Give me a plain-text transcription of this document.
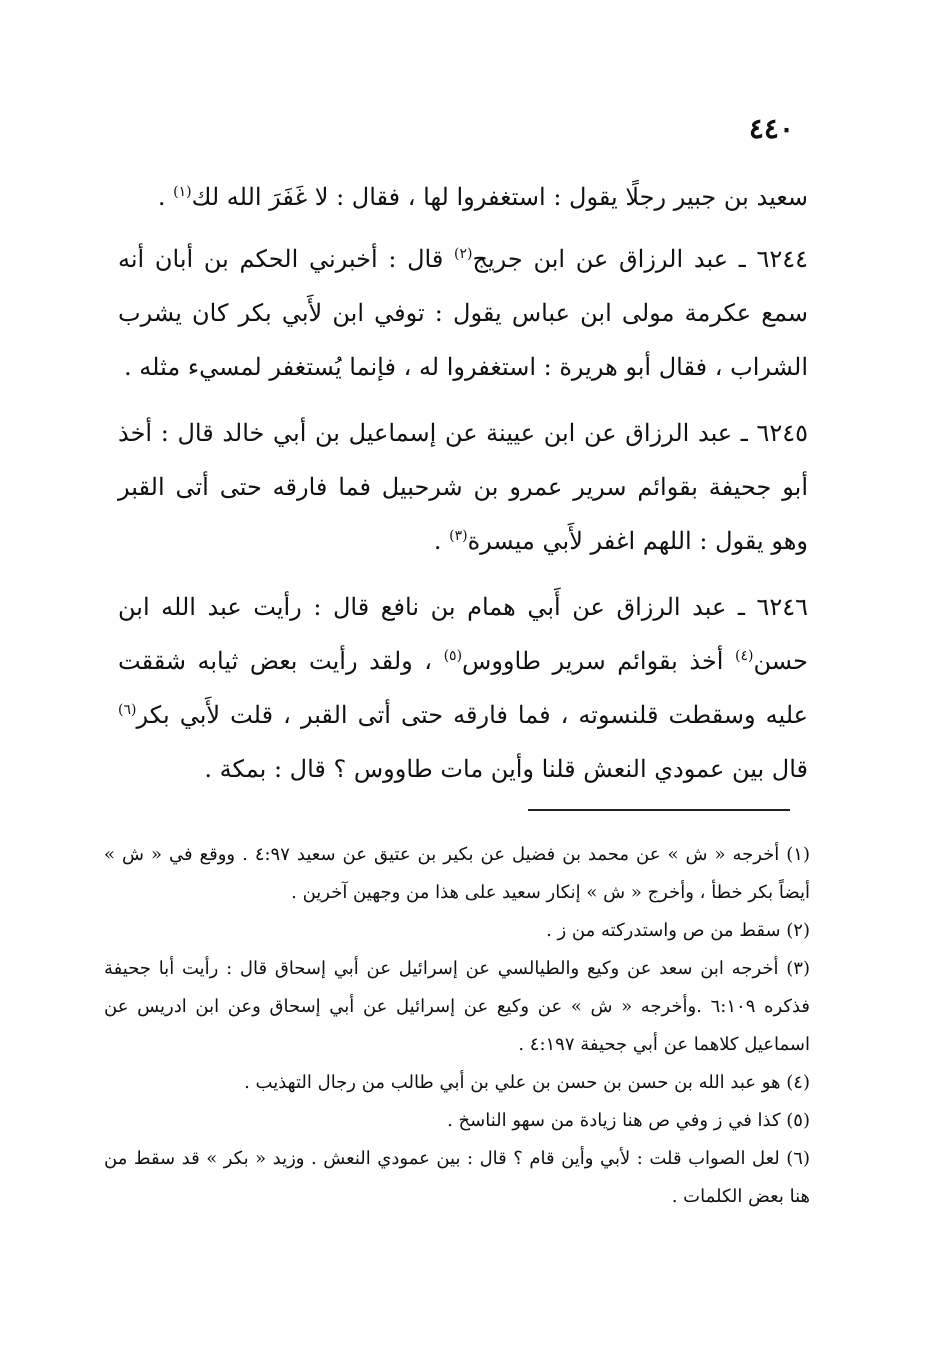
٤٤٠

سعيد بن جبير رجلًا يقول : استغفروا لها ، فقال : لا غَفَرَ الله لك$^{(١)}$ .

٦٢٤٤ ـ عبد الرزاق عن ابن جريج$^{(٢)}$ قال : أخبرني الحكم بن أبان أنه سمع عكرمة مولى ابن عباس يقول : توفي ابن لأَبي بكر كان يشرب الشراب ، فقال أبو هريرة : استغفروا له ، فإنما يُستغفر لمسيء مثله .

٦٢٤٥ ـ عبد الرزاق عن ابن عيينة عن إسماعيل بن أبي خالد قال : أخذ أبو جحيفة بقوائم سرير عمرو بن شرحبيل فما فارقه حتى أتى القبر وهو يقول : اللهم اغفر لأَبي ميسرة$^{(٣)}$ .

٦٢٤٦ ـ عبد الرزاق عن أَبي همام بن نافع قال : رأيت عبد الله ابن حسن$^{(٤)}$ أخذ بقوائم سرير طاووس$^{(٥)}$ ، ولقد رأيت بعض ثيابه شققت عليه وسقطت قلنسوته ، فما فارقه حتى أتى القبر ، قلت لأَبي بكر$^{(٦)}$ قال بين عمودي النعش قلنا وأين مات طاووس ؟ قال : بمكة .

(١) أخرجه « ش » عن محمد بن فضيل عن بكير بن عتيق عن سعيد ٤:٩٧ . ووقع في « ش » أيضاً بكر خطأ ، وأخرج « ش » إنكار سعيد على هذا من وجهين آخرين .

(٢) سقط من ص واستدركته من ز .

(٣) أخرجه ابن سعد عن وكيع والطيالسي عن إسرائيل عن أبي إسحاق قال : رأيت أبا جحيفة فذكره ٦:١٠٩ .وأخرجه « ش » عن وكيع عن إسرائيل عن أبي إسحاق وعن ابن ادريس عن اسماعيل كلاهما عن أبي جحيفة ٤:١٩٧ .

(٤) هو عبد الله بن حسن بن حسن بن علي بن أبي طالب من رجال التهذيب .

(٥) كذا في ز وفي ص هنا زيادة من سهو الناسخ .

(٦) لعل الصواب قلت : لأبي وأين قام ؟ قال : بين عمودي النعش . وزيد « بكر » قد سقط من هنا بعض الكلمات .
